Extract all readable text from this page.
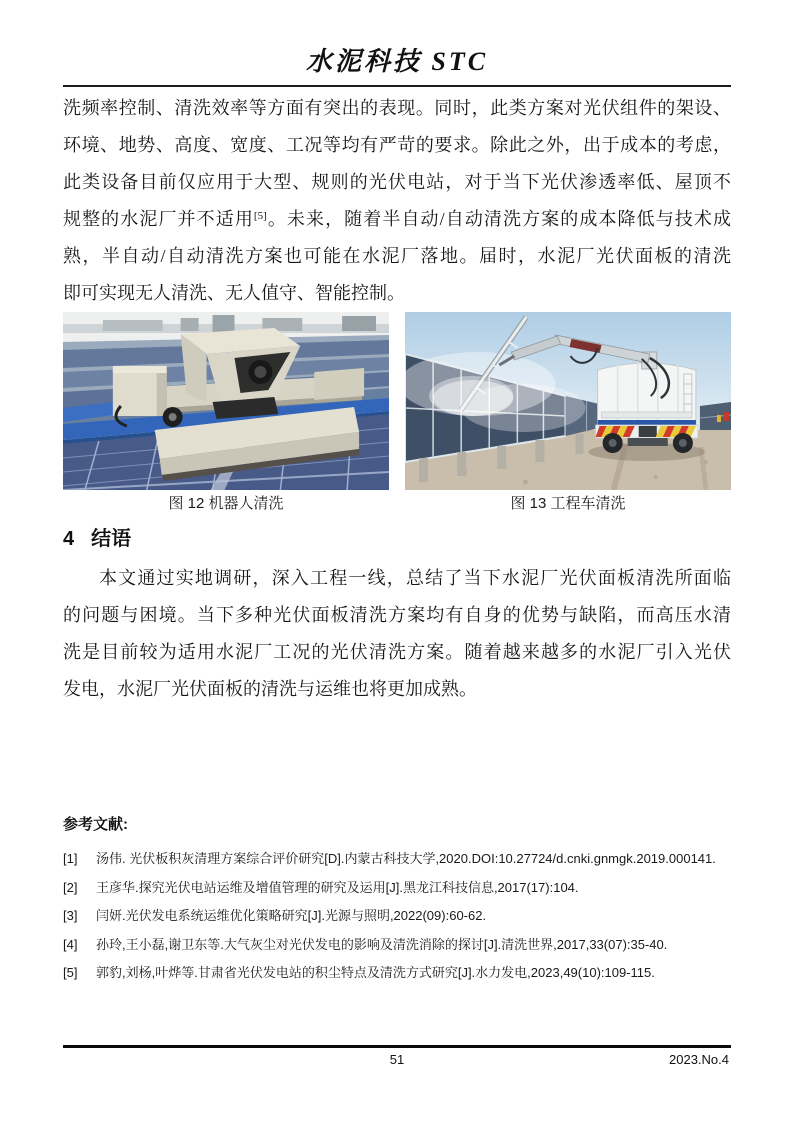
水泥科技 STC
洗频率控制、清洗效率等方面有突出的表现。同时，此类方案对光伏组件的架设、
环境、地势、高度、宽度、工况等均有严苛的要求。除此之外，出于成本的考虑，
此类设备目前仅应用于大型、规则的光伏电站，对于当下光伏渗透率低、屋顶不
规整的水泥厂并不适用[5]。未来，随着半自动/自动清洗方案的成本降低与技术成
熟，半自动/自动清洗方案也可能在水泥厂落地。届时，水泥厂光伏面板的清洗
即可实现无人清洗、无人值守、智能控制。
图 12 机器人清洗	图 13 工程车清洗
4 结语
本文通过实地调研，深入工程一线，总结了当下水泥厂光伏面板清洗所面临
的问题与困境。当下多种光伏面板清洗方案均有自身的优势与缺陷，而高压水清
洗是目前较为适用水泥厂工况的光伏清洗方案。随着越来越多的水泥厂引入光伏
发电，水泥厂光伏面板的清洗与运维也将更加成熟。
参考文献:
[1]	汤伟. 光伏板积灰清理方案综合评价研究[D].内蒙古科技大学,2020.DOI:10.27724/d.cnki.gnmgk.2019.000141.
[2]	王彦华.探究光伏电站运维及增值管理的研究及运用[J].黑龙江科技信息,2017(17):104.
[3]	闫妍.光伏发电系统运维优化策略研究[J].光源与照明,2022(09):60-62.
[4]	孙玲,王小磊,谢卫东等.大气灰尘对光伏发电的影响及清洗消除的探讨[J].清洗世界,2017,33(07):35-40.
[5]	郭豹,刘杨,叶烨等.甘肃省光伏发电站的积尘特点及清洗方式研究[J].水力发电,2023,49(10):109-115.
51	2023.No.4
